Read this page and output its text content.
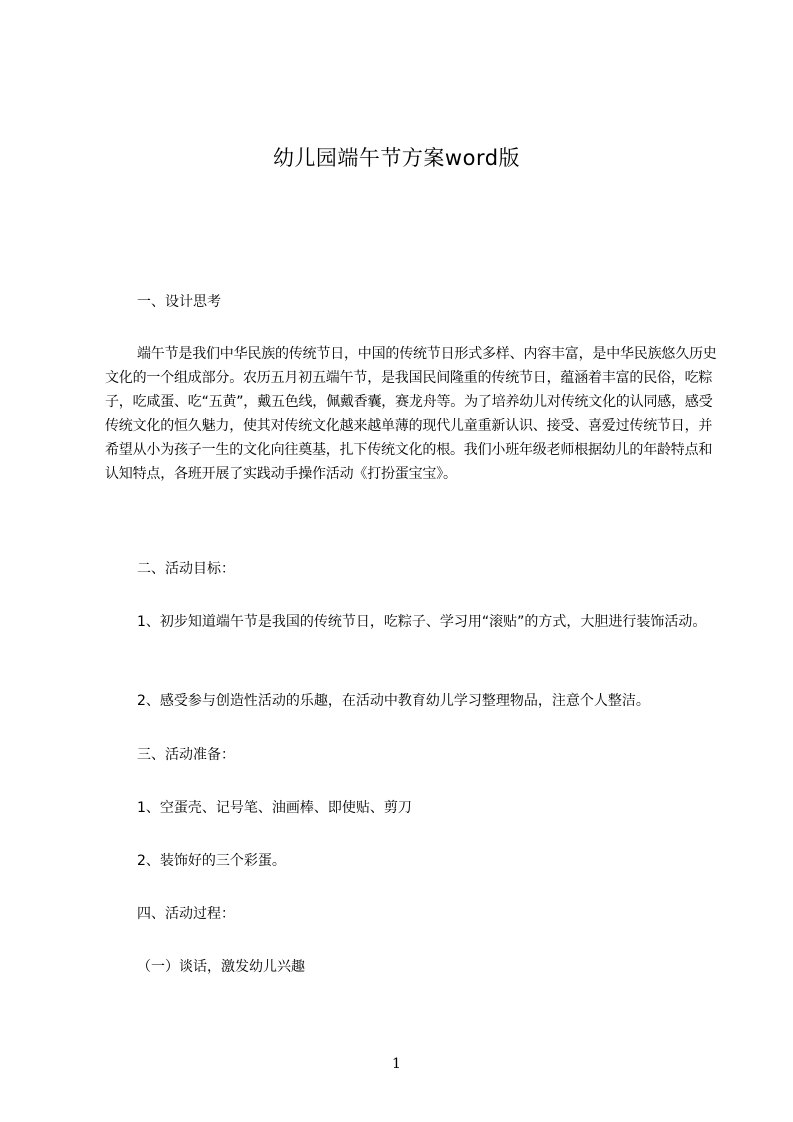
幼儿园端午节方案word版
一、设计思考
端午节是我们中华民族的传统节日，中国的传统节日形式多样、内容丰富，是中华民族悠久历史文化的一个组成部分。农历五月初五端午节，是我国民间隆重的传统节日，蕴涵着丰富的民俗，吃粽子，吃咸蛋、吃“五黄”，戴五色线，佩戴香囊，赛龙舟等。为了培养幼儿对传统文化的认同感，感受传统文化的恒久魅力，使其对传统文化越来越单薄的现代儿童重新认识、接受、喜爱过传统节日，并希望从小为孩子一生的文化向往奠基，扎下传统文化的根。我们小班年级老师根据幼儿的年龄特点和认知特点，各班开展了实践动手操作活动《打扮蛋宝宝》。
二、活动目标：
1、初步知道端午节是我国的传统节日，吃粽子、学习用“滚贴”的方式，大胆进行装饰活动。
2、感受参与创造性活动的乐趣，在活动中教育幼儿学习整理物品，注意个人整洁。
三、活动准备：
1、空蛋壳、记号笔、油画棒、即使贴、剪刀
2、装饰好的三个彩蛋。
四、活动过程：
（一）谈话，激发幼儿兴趣
1
